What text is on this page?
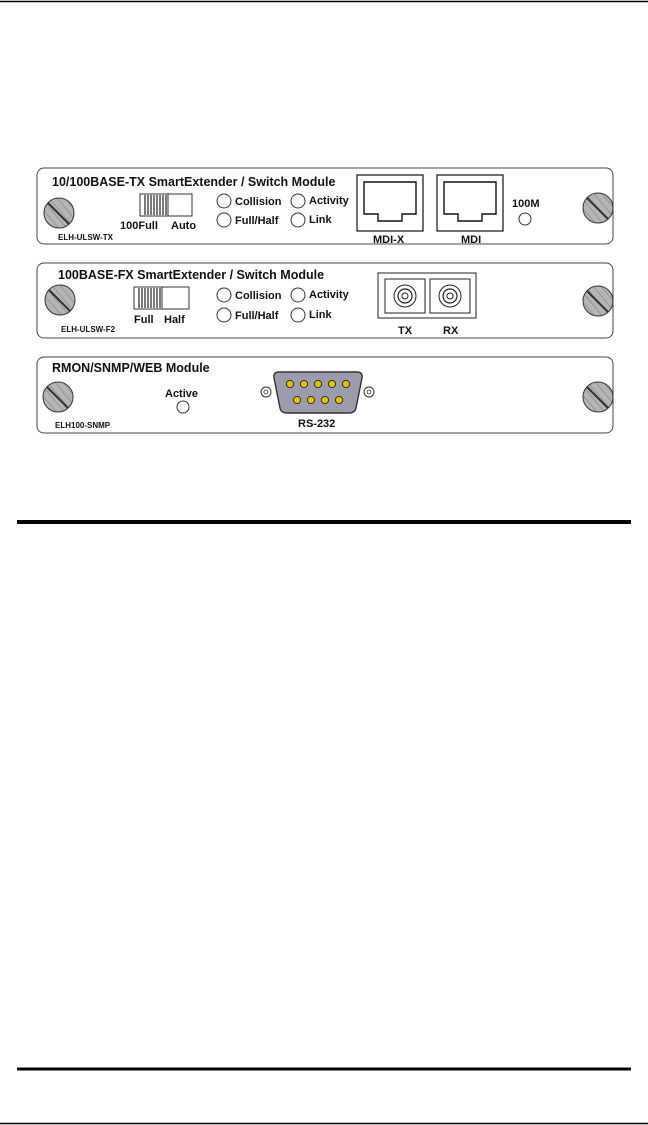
10/100BASE-TX SmartExtender / Switch Module
ELH-ULSW-TX
100Full Auto
Collision	Activity
Full/Half	Link
MDI-X	MDI
100M
100BASE-FX SmartExtender / Switch Module
ELH-ULSW-F2
Full Half
Collision	Activity
Full/Half	Link
TX	RX
RMON/SNMP/WEB Module
ELH100-SNMP
Active
RS-232
